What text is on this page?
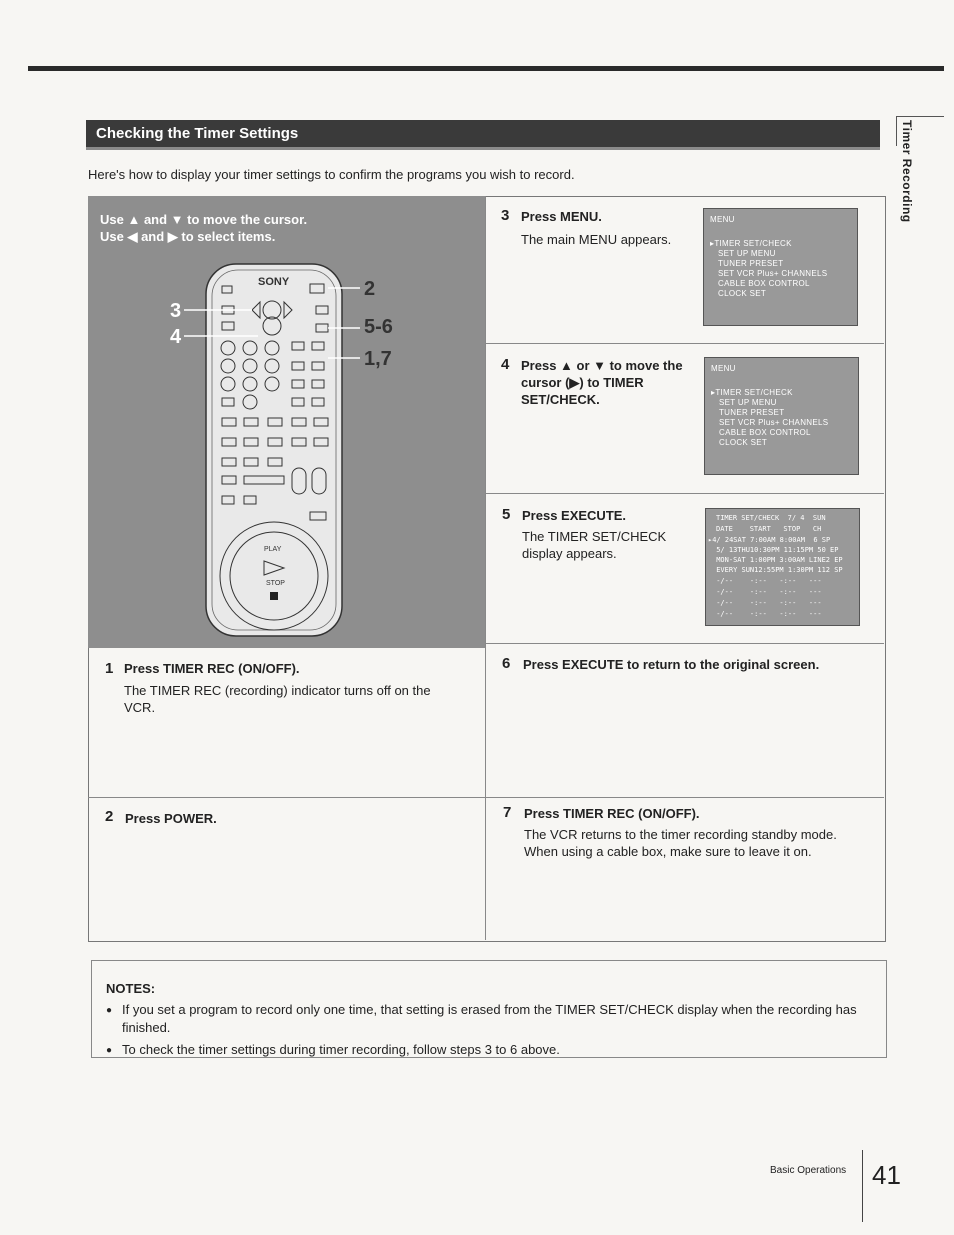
Timer Recording
Checking the Timer Settings
Here's how to display your timer settings to confirm the programs you wish to record.
Use ▲ and ▼ to move the cursor.
Use ◀ and ▶ to select items.
SONY
3
4
2
5-6
1,7
PLAY
STOP
1 Press TIMER REC (ON/OFF).
The TIMER REC (recording) indicator turns off on the VCR.
2 Press POWER.
3 Press MENU.
The main MENU appears.
MENU
▸TIMER SET/CHECK
SET UP MENU
TUNER PRESET
SET VCR Plus+ CHANNELS
CABLE BOX CONTROL
CLOCK SET
4 Press ▲ or ▼ to move the
cursor (▶) to TIMER
SET/CHECK.
MENU
▸TIMER SET/CHECK
SET UP MENU
TUNER PRESET
SET VCR Plus+ CHANNELS
CABLE BOX CONTROL
CLOCK SET
5 Press EXECUTE.
The TIMER SET/CHECK
display appears.
TIMER SET/CHECK  7/ 4  SUN
DATE    START   STOP   CH
▸4/ 24SAT 7:00AM 8:00AM  6 SP
5/ 13THU10:30PM 11:15PM 50 EP
MON-SAT 1:00PM 3:00AM LINE2 EP
EVERY SUN12:55PM 1:30PM 112 SP
-/--    -:--   -:--   ---
-/--    -:--   -:--   ---
-/--    -:--   -:--   ---
-/--    -:--   -:--   ---
6 Press EXECUTE to return to the original screen.
7 Press TIMER REC (ON/OFF).
The VCR returns to the timer recording standby mode.
When using a cable box, make sure to leave it on.
NOTES:
● If you set a program to record only one time, that setting is erased from the TIMER SET/CHECK display when the recording has finished.
● To check the timer settings during timer recording, follow steps 3 to 6 above.
Basic Operations 41
